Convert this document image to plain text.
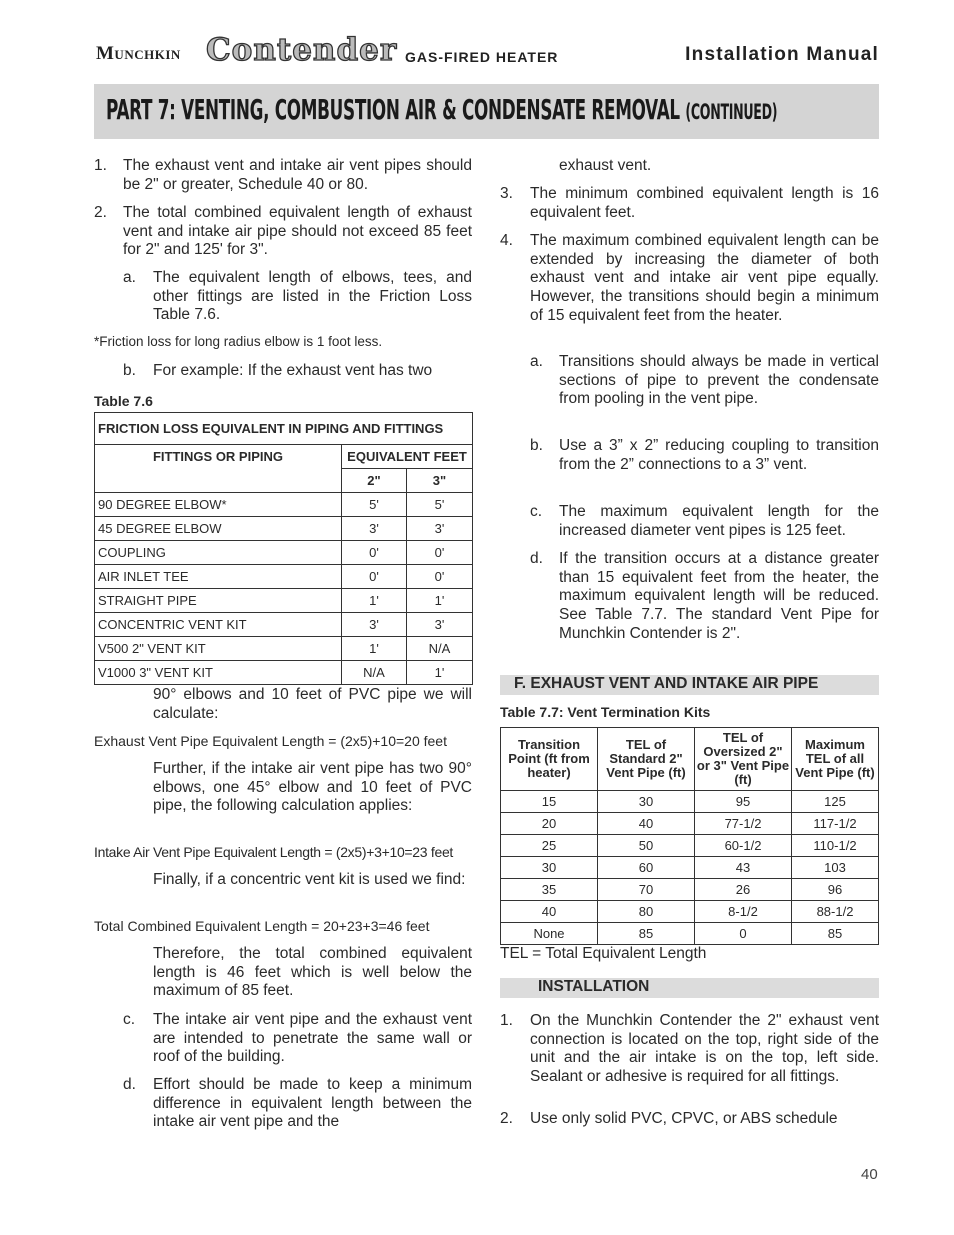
Munchkin Contender GAS-FIRED HEATER	Installation Manual
PART 7: VENTING, COMBUSTION AIR & CONDENSATE REMOVAL (CONTINUED)
1. The exhaust vent and intake air vent pipes should be 2" or greater, Schedule 40 or 80.
2. The total combined equivalent length of exhaust vent and intake air pipe should not exceed 85 feet for 2" and 125' for 3".
a. The equivalent length of elbows, tees, and other fittings are listed in the Friction Loss Table 7.6.
*Friction loss for long radius elbow is 1 foot less.
b. For example: If the exhaust vent has two
Table 7.6
FRICTION LOSS EQUIVALENT IN PIPING AND FITTINGS		
FITTINGS OR PIPING	EQUIVALENT FEET	
	2"	3"
90 DEGREE ELBOW*	5'	5'
45 DEGREE ELBOW	3'	3'
COUPLING	0'	0'
AIR INLET TEE	0'	0'
STRAIGHT PIPE	1'	1'
CONCENTRIC VENT KIT	3'	3'
V500 2" VENT KIT	1'	N/A
V1000 3" VENT KIT	N/A	1'
90° elbows and 10 feet of PVC pipe we will calculate:
Exhaust Vent Pipe Equivalent Length = (2x5)+10=20 feet
Further, if the intake air vent pipe has two 90° elbows, one 45° elbow and 10 feet of PVC pipe, the following calculation applies:
Intake Air Vent Pipe Equivalent Length = (2x5)+3+10=23 feet
Finally, if a concentric vent kit is used we find:
Total Combined Equivalent Length = 20+23+3=46 feet
Therefore, the total combined equivalent length is 46 feet which is well below the maximum of 85 feet.
c. The intake air vent pipe and the exhaust vent are intended to penetrate the same wall or roof of the building.
d. Effort should be made to keep a minimum difference in equivalent length between the intake air vent pipe and the
exhaust vent.
3. The minimum combined equivalent length is 16 equivalent feet.
4. The maximum combined equivalent length can be extended by increasing the diameter of both exhaust vent and intake air vent pipe equally. However, the transitions should begin a minimum of 15 equivalent feet from the heater.
a. Transitions should always be made in vertical sections of pipe to prevent the condensate from pooling in the vent pipe.
b. Use a 3” x 2” reducing coupling to transition from the 2” connections to a 3” vent.
c. The maximum equivalent length for the increased diameter vent pipes is 125 feet.
d. If the transition occurs at a distance greater than 15 equivalent feet from the heater, the maximum equivalent length will be reduced. See Table 7.7. The standard Vent Pipe for Munchkin Contender is 2".
F. EXHAUST VENT AND INTAKE AIR PIPE
Table 7.7: Vent Termination Kits
Transition Point (ft from heater)	TEL of Standard 2" Vent Pipe (ft)	TEL of Oversized 2" or 3" Vent Pipe (ft)	Maximum TEL of all Vent Pipe (ft)
15	30	95	125
20	40	77-1/2	117-1/2
25	50	60-1/2	110-1/2
30	60	43	103
35	70	26	96
40	80	8-1/2	88-1/2
None	85	0	85
TEL = Total Equivalent Length
INSTALLATION
1. On the Munchkin Contender the 2" exhaust vent connection is located on the top, right side of the unit and the air intake is on the top, left side. Sealant or adhesive is required for all fittings.
2. Use only solid PVC, CPVC, or ABS schedule
40
